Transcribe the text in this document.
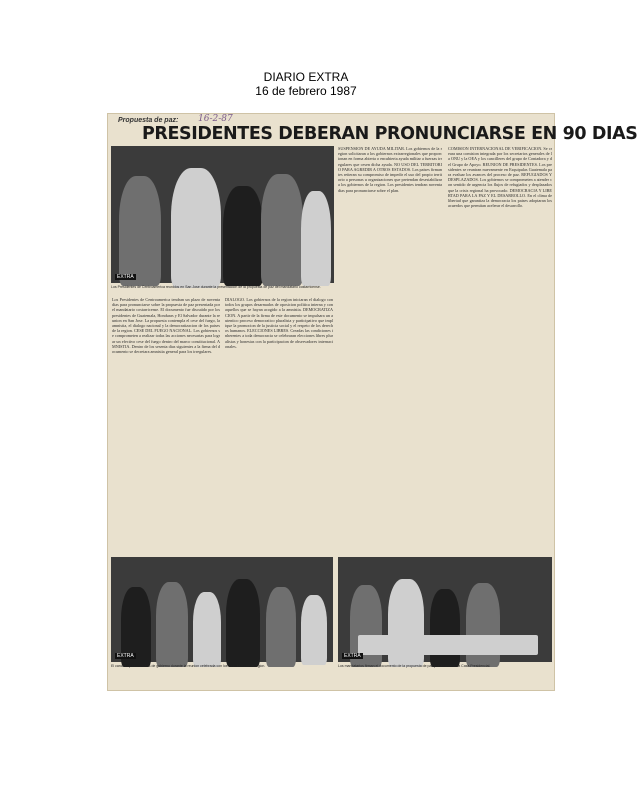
DIARIO EXTRA
16 de febrero 1987
Propuesta de paz: 16-2-87
PRESIDENTES DEBERAN PRONUNCIARSE EN 90 DIAS
EXTRA
Los Presidentes de Centroamerica reunidos en San Jose durante la presentacion de la propuesta de paz del mandatario costarricense.
Los Presidentes de Centroamerica tendran un plazo de noventa dias para pronunciarse sobre la propuesta de paz presentada por el mandatario costarricense. El documento fue discutido por los presidentes de Guatemala, Honduras y El Salvador durante la reunion en San Jose. La propuesta contempla el cese del fuego, la amnistia, el dialogo nacional y la democratizacion de los paises de la region. CESE DEL FUEGO NACIONAL. Los gobiernos se comprometen a realizar todas las acciones necesarias para lograr un efectivo cese del fuego dentro del marco constitucional. AMNISTIA. Dentro de los sesenta dias siguientes a la firma del documento se decretara amnistia general para los irregulares.
DIALOGO. Los gobiernos de la region iniciaran el dialogo con todos los grupos desarmados de oposicion politica interna y con aquellos que se hayan acogido a la amnistia. DEMOCRATIZACION. A partir de la firma de este documento se impulsara un autentico proceso democratico pluralista y participativo que implique la promocion de la justicia social y el respeto de los derechos humanos. ELECCIONES LIBRES. Creadas las condiciones inherentes a toda democracia se celebraran elecciones libres pluralistas y honestas con la participacion de observadores internacionales.
SUSPENSION DE AYUDA MILITAR. Los gobiernos de la region solicitaran a los gobiernos extrarregionales que proporcionan en forma abierta o encubierta ayuda militar a fuerzas irregulares que cesen dicha ayuda. NO USO DEL TERRITORIO PARA AGREDIR A OTROS ESTADOS. Los paises firmantes reiteran su compromiso de impedir el uso del propio territorio a personas u organizaciones que pretendan desestabilizar a los gobiernos de la region. Los presidentes tendran noventa dias para pronunciarse sobre el plan.
COMISION INTERNACIONAL DE VERIFICACION. Se creara una comision integrada por los secretarios generales de la ONU y la OEA y los cancilleres del grupo de Contadora y del Grupo de Apoyo. REUNION DE PRESIDENTES. Los presidentes se reuniran nuevamente en Esquipulas Guatemala para evaluar los avances del proceso de paz. REFUGIADOS Y DESPLAZADOS. Los gobiernos se comprometen a atender con sentido de urgencia los flujos de refugiados y desplazados que la crisis regional ha provocado. DEMOCRACIA Y LIBERTAD PARA LA PAZ Y EL DESARROLLO. En el clima de libertad que garantiza la democracia los paises adoptaran los acuerdos que permitan acelerar el desarrollo.
EXTRA
El canciller y funcionarios de gobierno durante la reunion celebrada con los cancilleres de la region.
EXTRA
Los mandatarios firman el documento de la propuesta de paz presentada en la Casa Presidencial.
